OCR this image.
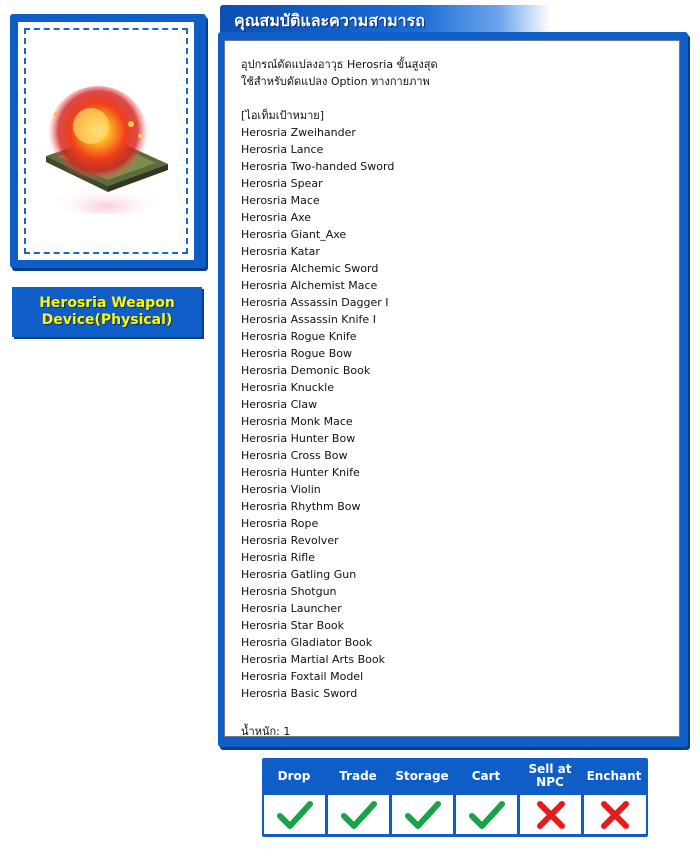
Herosria Weapon
Device(Physical)
คุณสมบัติและความสามารถ
อุปกรณ์ดัดแปลงอาวุธ Herosria ขั้นสูงสุด
ใช้สำหรับดัดแปลง Option ทางกายภาพ
[ไอเท็มเป้าหมาย]
Herosria Zweihander
Herosria Lance
Herosria Two-handed Sword
Herosria Spear
Herosria Mace
Herosria Axe
Herosria Giant_Axe
Herosria Katar
Herosria Alchemic Sword
Herosria Alchemist Mace
Herosria Assassin Dagger I
Herosria Assassin Knife I
Herosria Rogue Knife
Herosria Rogue Bow
Herosria Demonic Book
Herosria Knuckle
Herosria Claw
Herosria Monk Mace
Herosria Hunter Bow
Herosria Cross Bow
Herosria Hunter Knife
Herosria Violin
Herosria Rhythm Bow
Herosria Rope
Herosria Revolver
Herosria Rifle
Herosria Gatling Gun
Herosria Shotgun
Herosria Launcher
Herosria Star Book
Herosria Gladiator Book
Herosria Martial Arts Book
Herosria Foxtail Model
Herosria Basic Sword
น้ำหนัก: 1
Drop	Trade	Storage	Cart	Sell at NPC	Enchant
